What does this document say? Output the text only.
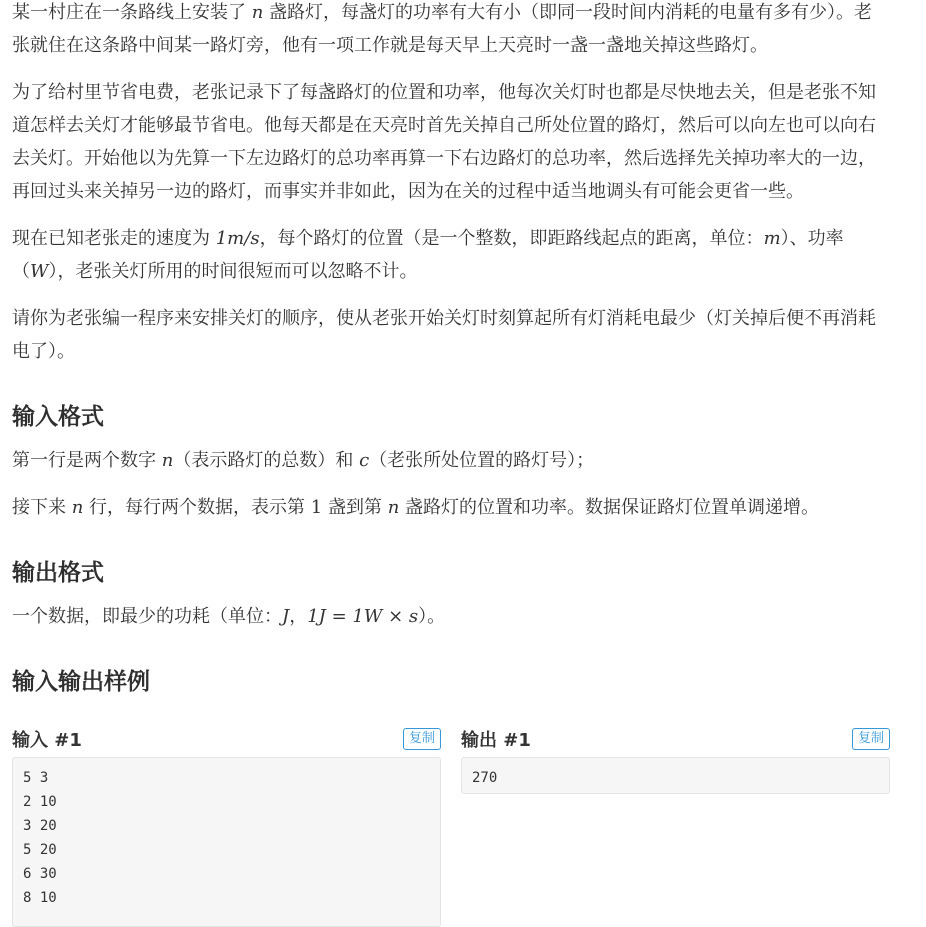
某一村庄在一条路线上安装了 n 盏路灯，每盏灯的功率有大有小（即同一段时间内消耗的电量有多有少）。老张就住在这条路中间某一路灯旁，他有一项工作就是每天早上天亮时一盏一盏地关掉这些路灯。

为了给村里节省电费，老张记录下了每盏路灯的位置和功率，他每次关灯时也都是尽快地去关，但是老张不知道怎样去关灯才能够最节省电。他每天都是在天亮时首先关掉自己所处位置的路灯，然后可以向左也可以向右去关灯。开始他以为先算一下左边路灯的总功率再算一下右边路灯的总功率，然后选择先关掉功率大的一边，再回过头来关掉另一边的路灯，而事实并非如此，因为在关的过程中适当地调头有可能会更省一些。

现在已知老张走的速度为 1m/s，每个路灯的位置（是一个整数，即距路线起点的距离，单位：m）、功率（W），老张关灯所用的时间很短而可以忽略不计。

请你为老张编一程序来安排关灯的顺序，使从老张开始关灯时刻算起所有灯消耗电最少（灯关掉后便不再消耗电了）。

输入格式

第一行是两个数字 n（表示路灯的总数）和 c（老张所处位置的路灯号）；

接下来 n 行，每行两个数据，表示第 1 盏到第 n 盏路灯的位置和功率。数据保证路灯位置单调递增。

输出格式

一个数据，即最少的功耗（单位：J，1J = 1W × s）。

输入输出样例
输入 #1	复制
5 3
2 10
3 20
5 20
6 30
8 10
输出 #1	复制
270
